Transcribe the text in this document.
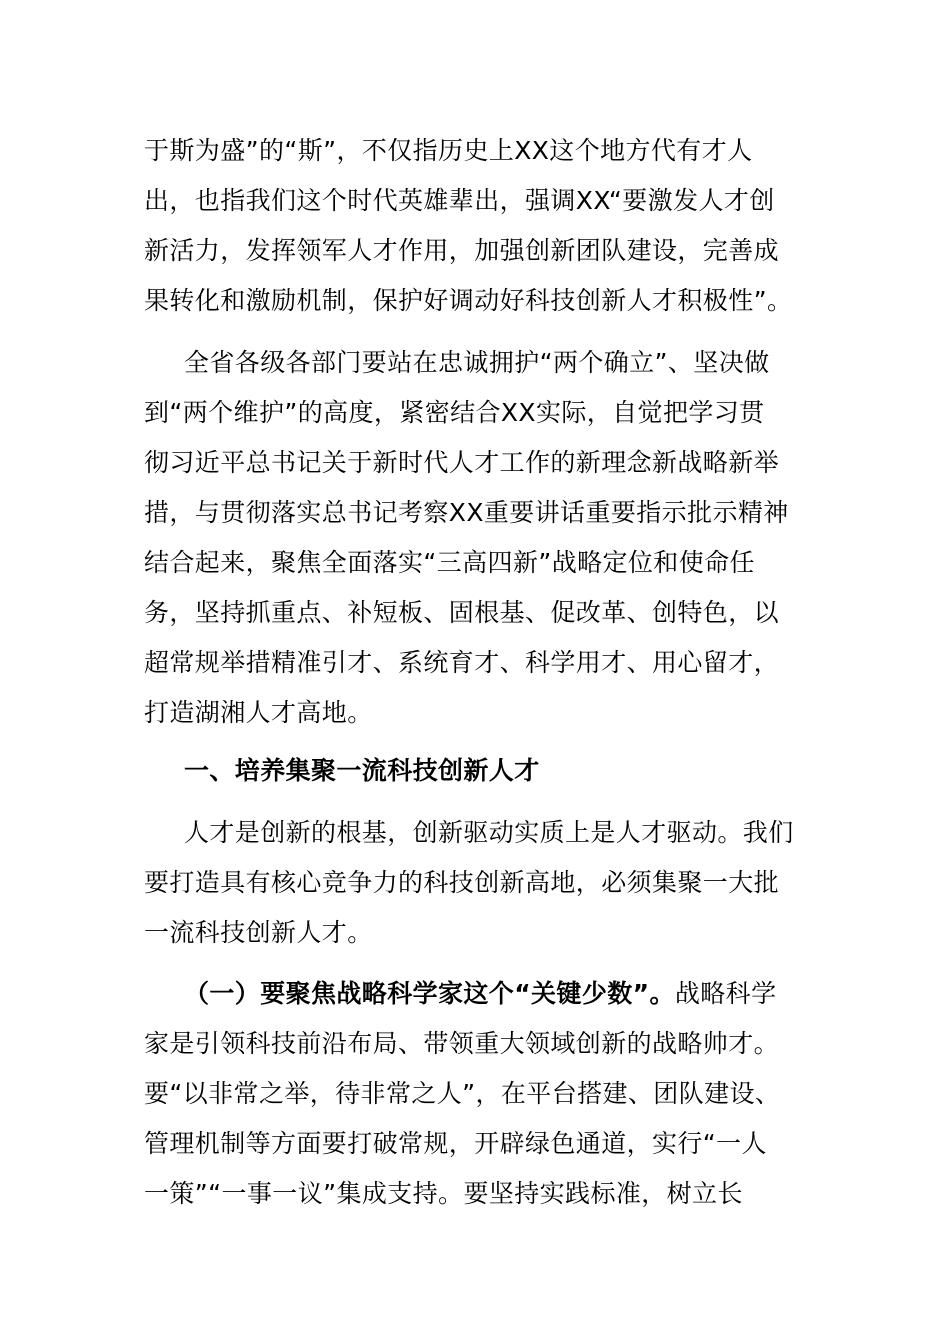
于斯为盛”的“斯”，不仅指历史上XX这个地方代有才人
出，也指我们这个时代英雄辈出，强调XX“要激发人才创
新活力，发挥领军人才作用，加强创新团队建设，完善成
果转化和激励机制，保护好调动好科技创新人才积极性”。
全省各级各部门要站在忠诚拥护“两个确立”、坚决做
到“两个维护”的高度，紧密结合XX实际，自觉把学习贯
彻习近平总书记关于新时代人才工作的新理念新战略新举
措，与贯彻落实总书记考察XX重要讲话重要指示批示精神
结合起来，聚焦全面落实“三高四新”战略定位和使命任
务，坚持抓重点、补短板、固根基、促改革、创特色，以
超常规举措精准引才、系统育才、科学用才、用心留才，
打造湖湘人才高地。
一、培养集聚一流科技创新人才
人才是创新的根基，创新驱动实质上是人才驱动。我们
要打造具有核心竞争力的科技创新高地，必须集聚一大批
一流科技创新人才。
（一）要聚焦战略科学家这个“关键少数”。战略科学
家是引领科技前沿布局、带领重大领域创新的战略帅才。
要“以非常之举，待非常之人”，在平台搭建、团队建设、
管理机制等方面要打破常规，开辟绿色通道，实行“一人
一策”“一事一议”集成支持。要坚持实践标准，树立长
